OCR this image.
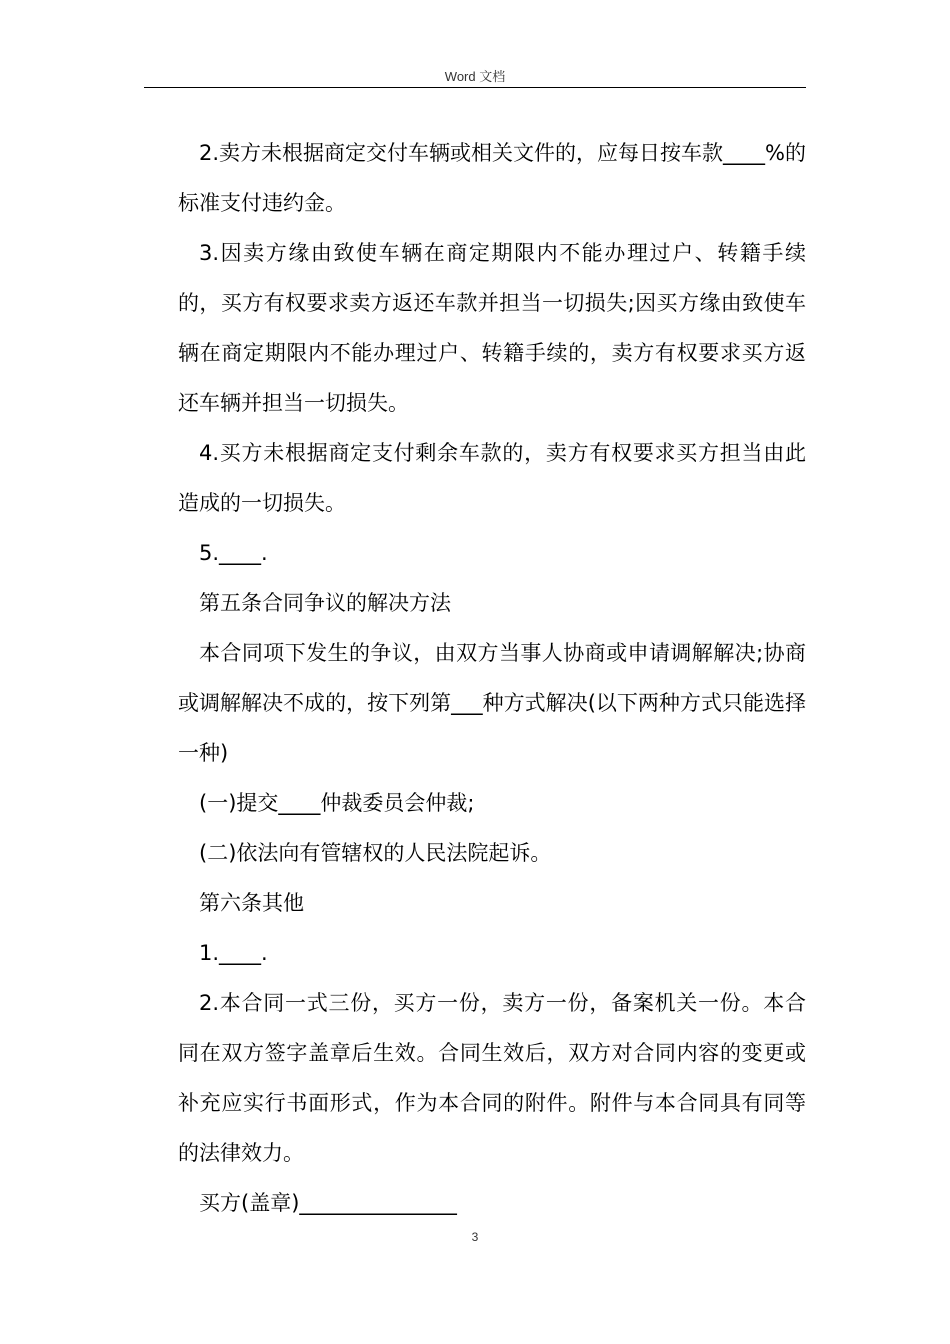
Word 文档

2.卖方未根据商定交付车辆或相关文件的，应每日按车款____%的标准支付违约金。

3.因卖方缘由致使车辆在商定期限内不能办理过户、转籍手续的，买方有权要求卖方返还车款并担当一切损失;因买方缘由致使车辆在商定期限内不能办理过户、转籍手续的，卖方有权要求买方返还车辆并担当一切损失。

4.买方未根据商定支付剩余车款的，卖方有权要求买方担当由此造成的一切损失。

5.____.

第五条合同争议的解决方法

本合同项下发生的争议，由双方当事人协商或申请调解解决;协商或调解解决不成的，按下列第___种方式解决(以下两种方式只能选择一种)

(一)提交____仲裁委员会仲裁;

(二)依法向有管辖权的人民法院起诉。

第六条其他

1.____.

2.本合同一式三份，买方一份，卖方一份，备案机关一份。本合同在双方签字盖章后生效。合同生效后，双方对合同内容的变更或补充应实行书面形式，作为本合同的附件。附件与本合同具有同等的法律效力。

买方(盖章)_______________

3
